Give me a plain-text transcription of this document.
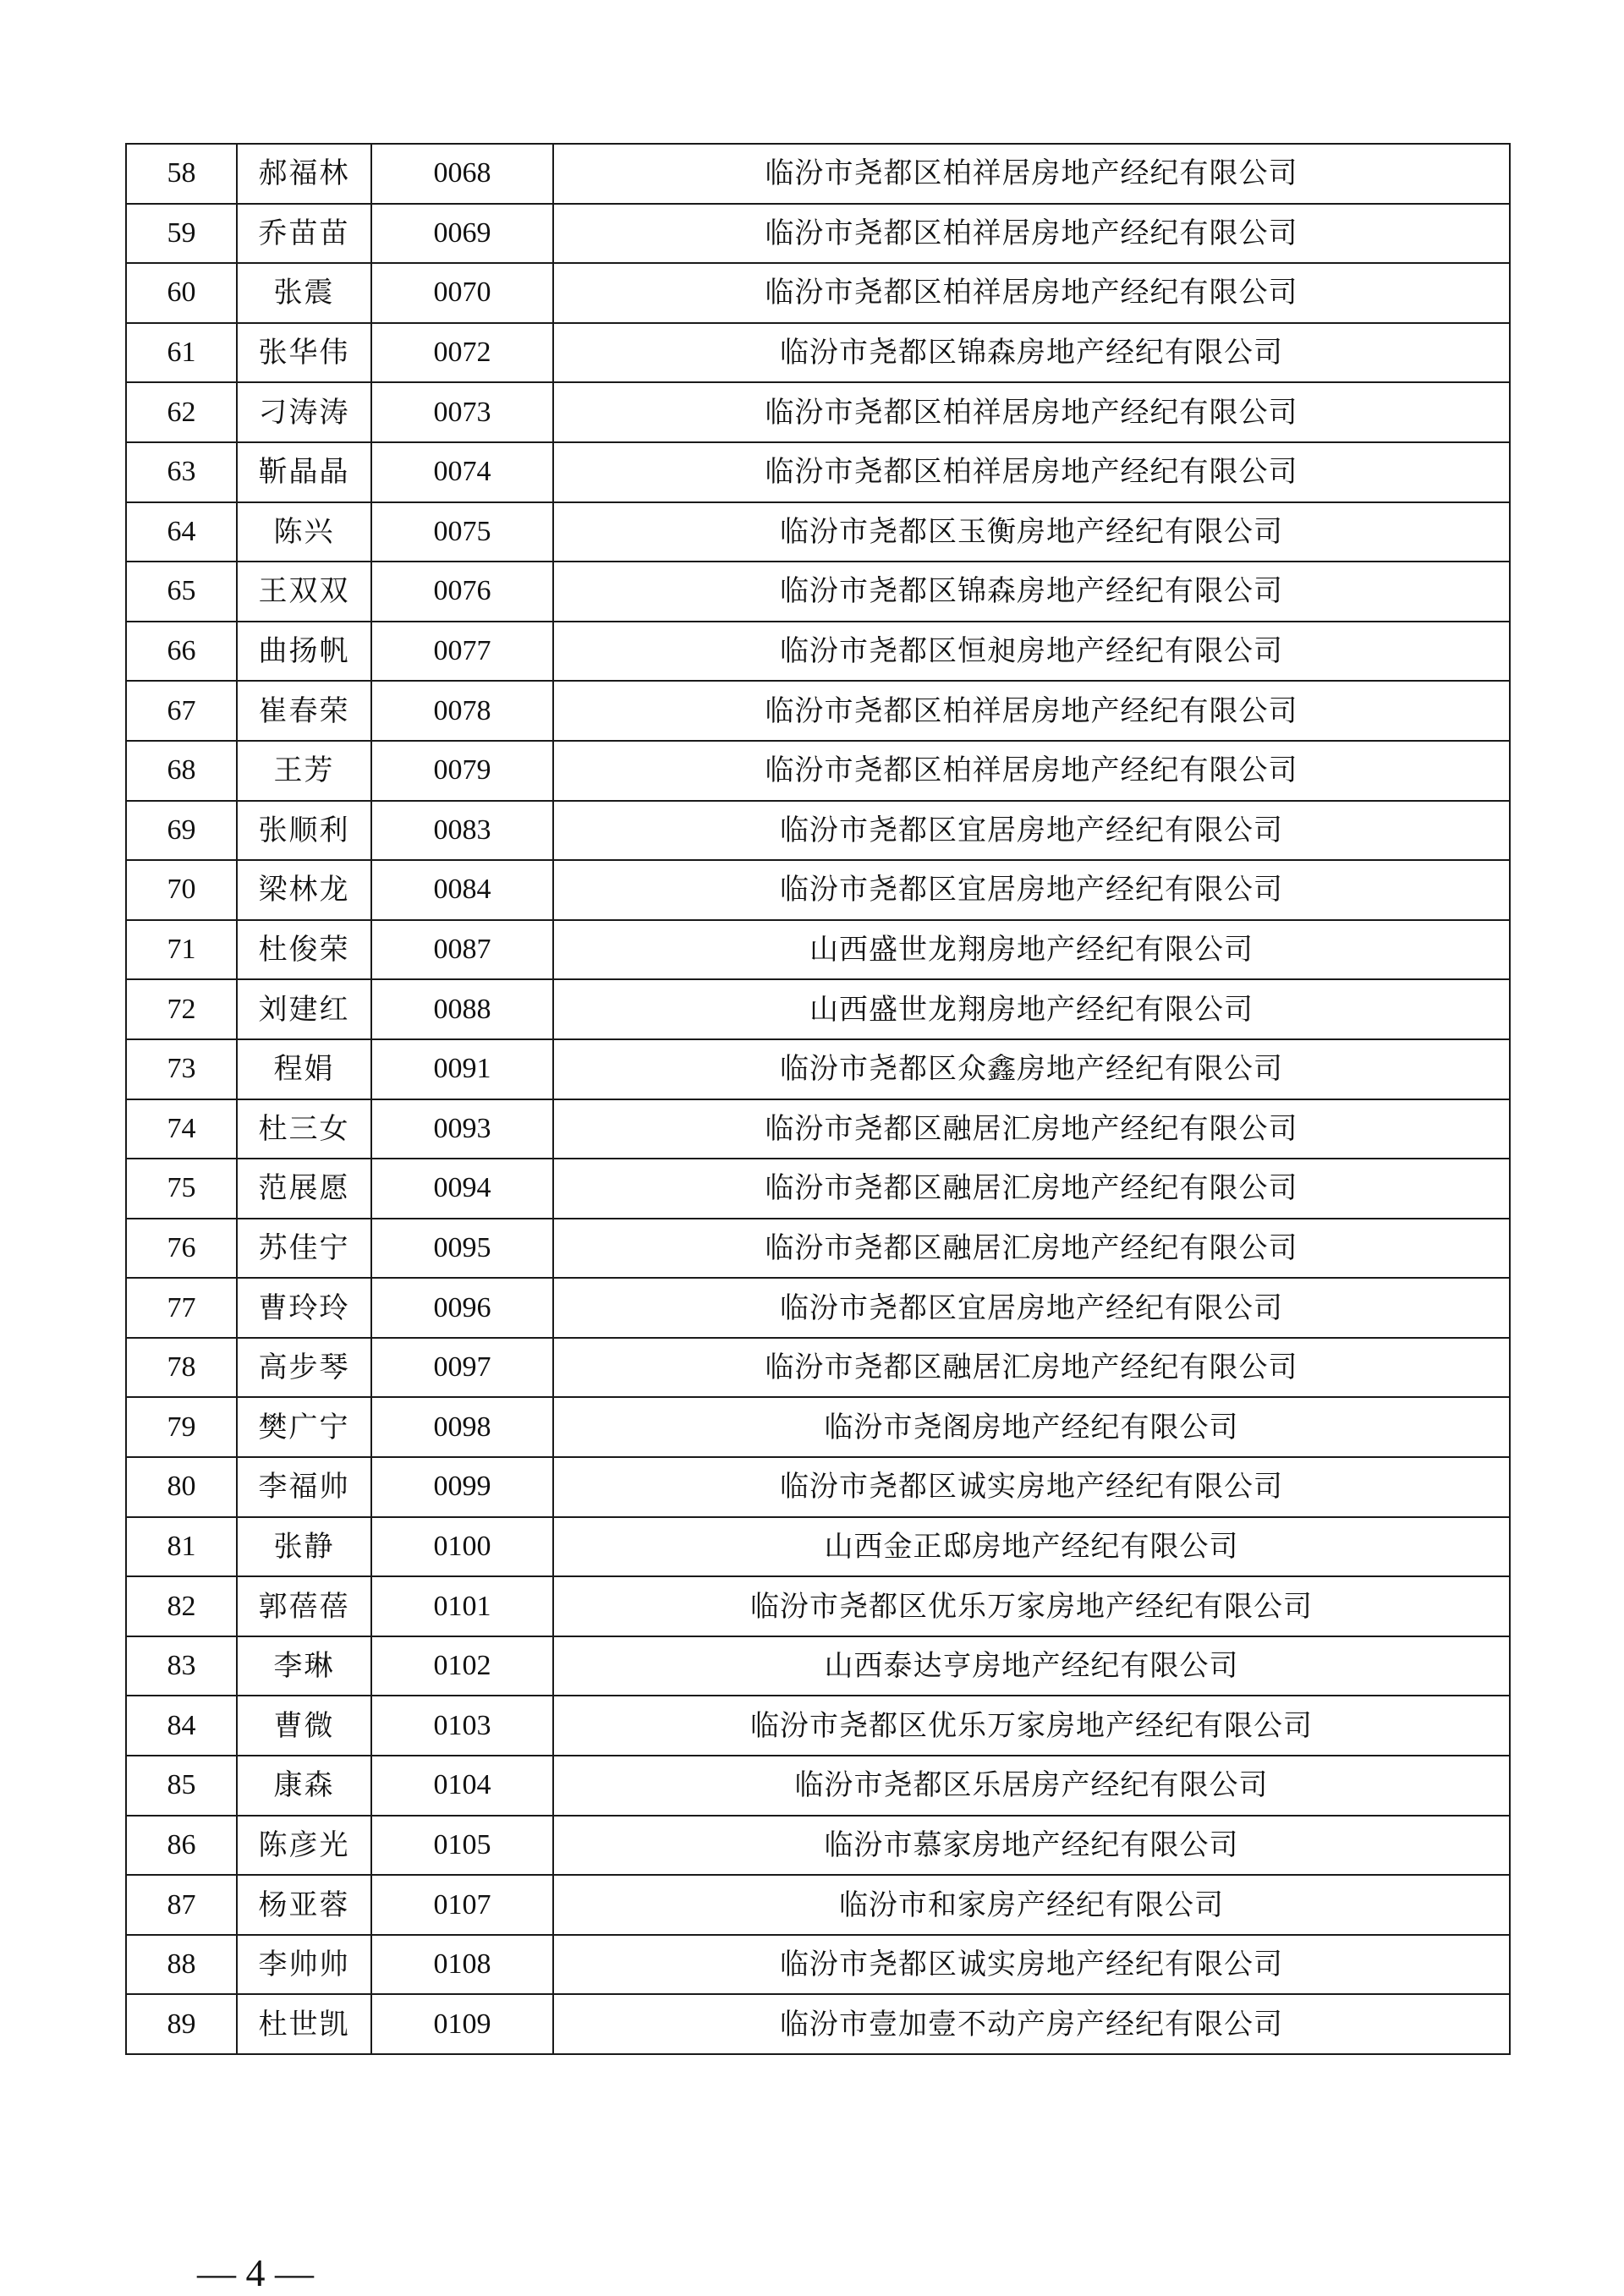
58	郝福林	0068	临汾市尧都区柏祥居房地产经纪有限公司
59	乔苗苗	0069	临汾市尧都区柏祥居房地产经纪有限公司
60	张震	0070	临汾市尧都区柏祥居房地产经纪有限公司
61	张华伟	0072	临汾市尧都区锦森房地产经纪有限公司
62	刁涛涛	0073	临汾市尧都区柏祥居房地产经纪有限公司
63	靳晶晶	0074	临汾市尧都区柏祥居房地产经纪有限公司
64	陈兴	0075	临汾市尧都区玉衡房地产经纪有限公司
65	王双双	0076	临汾市尧都区锦森房地产经纪有限公司
66	曲扬帆	0077	临汾市尧都区恒昶房地产经纪有限公司
67	崔春荣	0078	临汾市尧都区柏祥居房地产经纪有限公司
68	王芳	0079	临汾市尧都区柏祥居房地产经纪有限公司
69	张顺利	0083	临汾市尧都区宜居房地产经纪有限公司
70	梁林龙	0084	临汾市尧都区宜居房地产经纪有限公司
71	杜俊荣	0087	山西盛世龙翔房地产经纪有限公司
72	刘建红	0088	山西盛世龙翔房地产经纪有限公司
73	程娟	0091	临汾市尧都区众鑫房地产经纪有限公司
74	杜三女	0093	临汾市尧都区融居汇房地产经纪有限公司
75	范展愿	0094	临汾市尧都区融居汇房地产经纪有限公司
76	苏佳宁	0095	临汾市尧都区融居汇房地产经纪有限公司
77	曹玲玲	0096	临汾市尧都区宜居房地产经纪有限公司
78	高步琴	0097	临汾市尧都区融居汇房地产经纪有限公司
79	樊广宁	0098	临汾市尧阁房地产经纪有限公司
80	李福帅	0099	临汾市尧都区诚实房地产经纪有限公司
81	张静	0100	山西金正邸房地产经纪有限公司
82	郭蓓蓓	0101	临汾市尧都区优乐万家房地产经纪有限公司
83	李琳	0102	山西泰达亨房地产经纪有限公司
84	曹微	0103	临汾市尧都区优乐万家房地产经纪有限公司
85	康森	0104	临汾市尧都区乐居房产经纪有限公司
86	陈彦光	0105	临汾市慕家房地产经纪有限公司
87	杨亚蓉	0107	临汾市和家房产经纪有限公司
88	李帅帅	0108	临汾市尧都区诚实房地产经纪有限公司
89	杜世凯	0109	临汾市壹加壹不动产房产经纪有限公司
— 4 —
